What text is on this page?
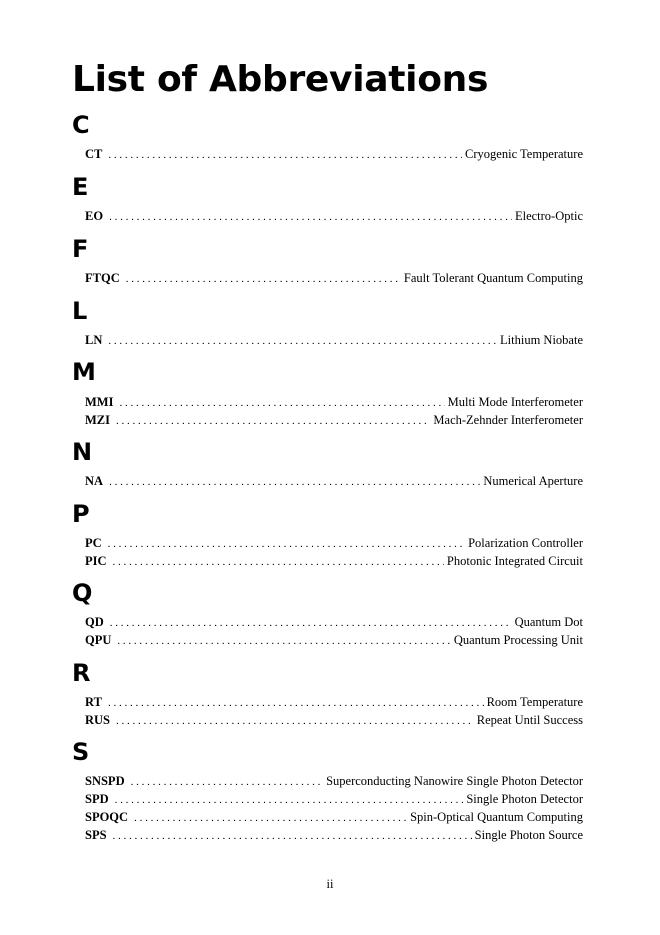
List of Abbreviations
C
CT . . .	Cryogenic Temperature
E
EO . . .	Electro-Optic
F
FTQC . . .	Fault Tolerant Quantum Computing
L
LN . . .	Lithium Niobate
M
MMI . . .	Multi Mode Interferometer
MZI . . .	Mach-Zehnder Interferometer
N
NA . . .	Numerical Aperture
P
PC . . .	Polarization Controller
PIC . . .	Photonic Integrated Circuit
Q
QD . . .	Quantum Dot
QPU . . .	Quantum Processing Unit
R
RT . . .	Room Temperature
RUS . . .	Repeat Until Success
S
SNSPD . . .	Superconducting Nanowire Single Photon Detector
SPD . . .	Single Photon Detector
SPOQC . . .	Spin-Optical Quantum Computing
SPS . . .	Single Photon Source
ii
